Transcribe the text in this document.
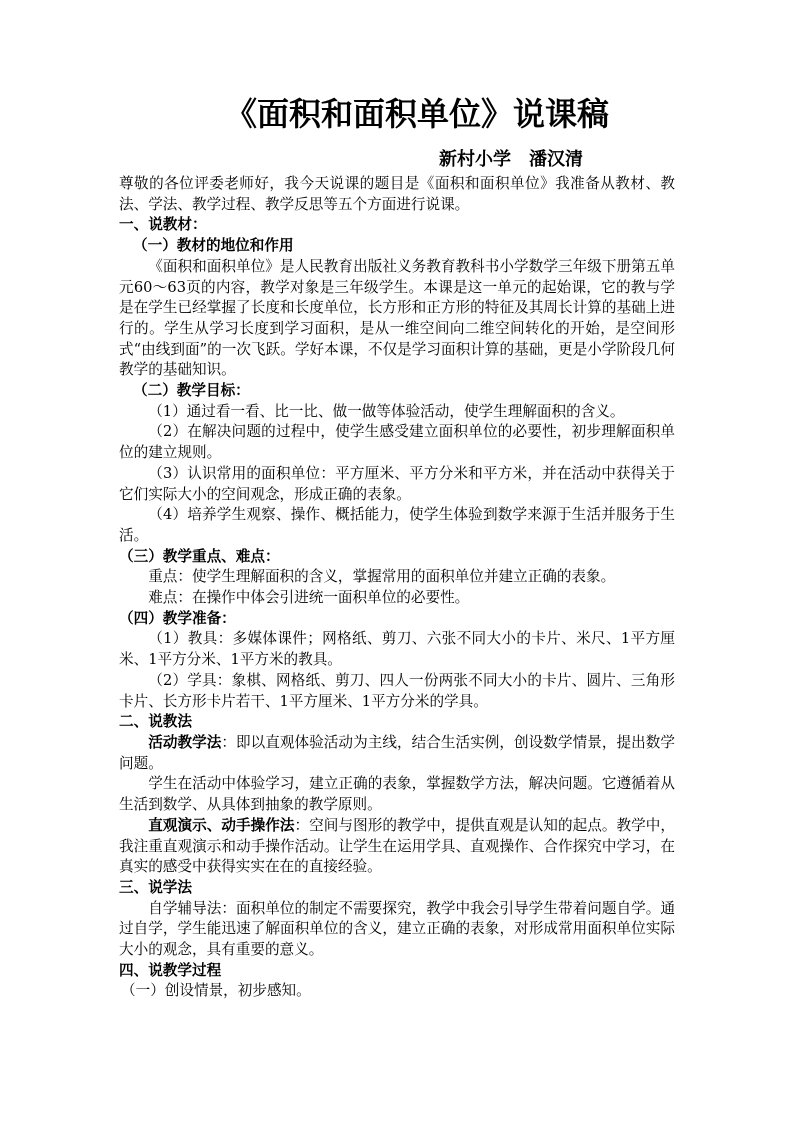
《面积和面积单位》说课稿
新村小学　潘汉清

尊敬的各位评委老师好，我今天说课的题目是《面积和面积单位》我准备从教材、教法、学法、教学过程、教学反思等五个方面进行说课。

一、说教材：

（一）教材的地位和作用

《面积和面积单位》是人民教育出版社义务教育教科书小学数学三年级下册第五单元60～63页的内容，教学对象是三年级学生。本课是这一单元的起始课，它的教与学是在学生已经掌握了长度和长度单位，长方形和正方形的特征及其周长计算的基础上进行的。学生从学习长度到学习面积，是从一维空间向二维空间转化的开始，是空间形式“由线到面”的一次飞跃。学好本课，不仅是学习面积计算的基础，更是小学阶段几何教学的基础知识。

（二）教学目标：

（1）通过看一看、比一比、做一做等体验活动，使学生理解面积的含义。

（2）在解决问题的过程中，使学生感受建立面积单位的必要性，初步理解面积单位的建立规则。

（3）认识常用的面积单位：平方厘米、平方分米和平方米，并在活动中获得关于它们实际大小的空间观念，形成正确的表象。

（4）培养学生观察、操作、概括能力，使学生体验到数学来源于生活并服务于生活。

（三）教学重点、难点：

重点：使学生理解面积的含义，掌握常用的面积单位并建立正确的表象。

难点：在操作中体会引进统一面积单位的必要性。

（四）教学准备：

（1）教具：多媒体课件；网格纸、剪刀、六张不同大小的卡片、米尺、1平方厘米、1平方分米、1平方米的教具。

（2）学具：象棋、网格纸、剪刀、四人一份两张不同大小的卡片、圆片、三角形卡片、长方形卡片若干、1平方厘米、1平方分米的学具。

二、说教法

活动教学法：即以直观体验活动为主线，结合生活实例，创设数学情景，提出数学问题。

学生在活动中体验学习，建立正确的表象，掌握数学方法，解决问题。它遵循着从生活到数学、从具体到抽象的教学原则。

直观演示、动手操作法：空间与图形的教学中，提供直观是认知的起点。教学中，我注重直观演示和动手操作活动。让学生在运用学具、直观操作、合作探究中学习，在真实的感受中获得实实在在的直接经验。

三、说学法

自学辅导法：面积单位的制定不需要探究，教学中我会引导学生带着问题自学。通过自学，学生能迅速了解面积单位的含义，建立正确的表象，对形成常用面积单位实际大小的观念，具有重要的意义。

四、说教学过程

（一）创设情景，初步感知。
